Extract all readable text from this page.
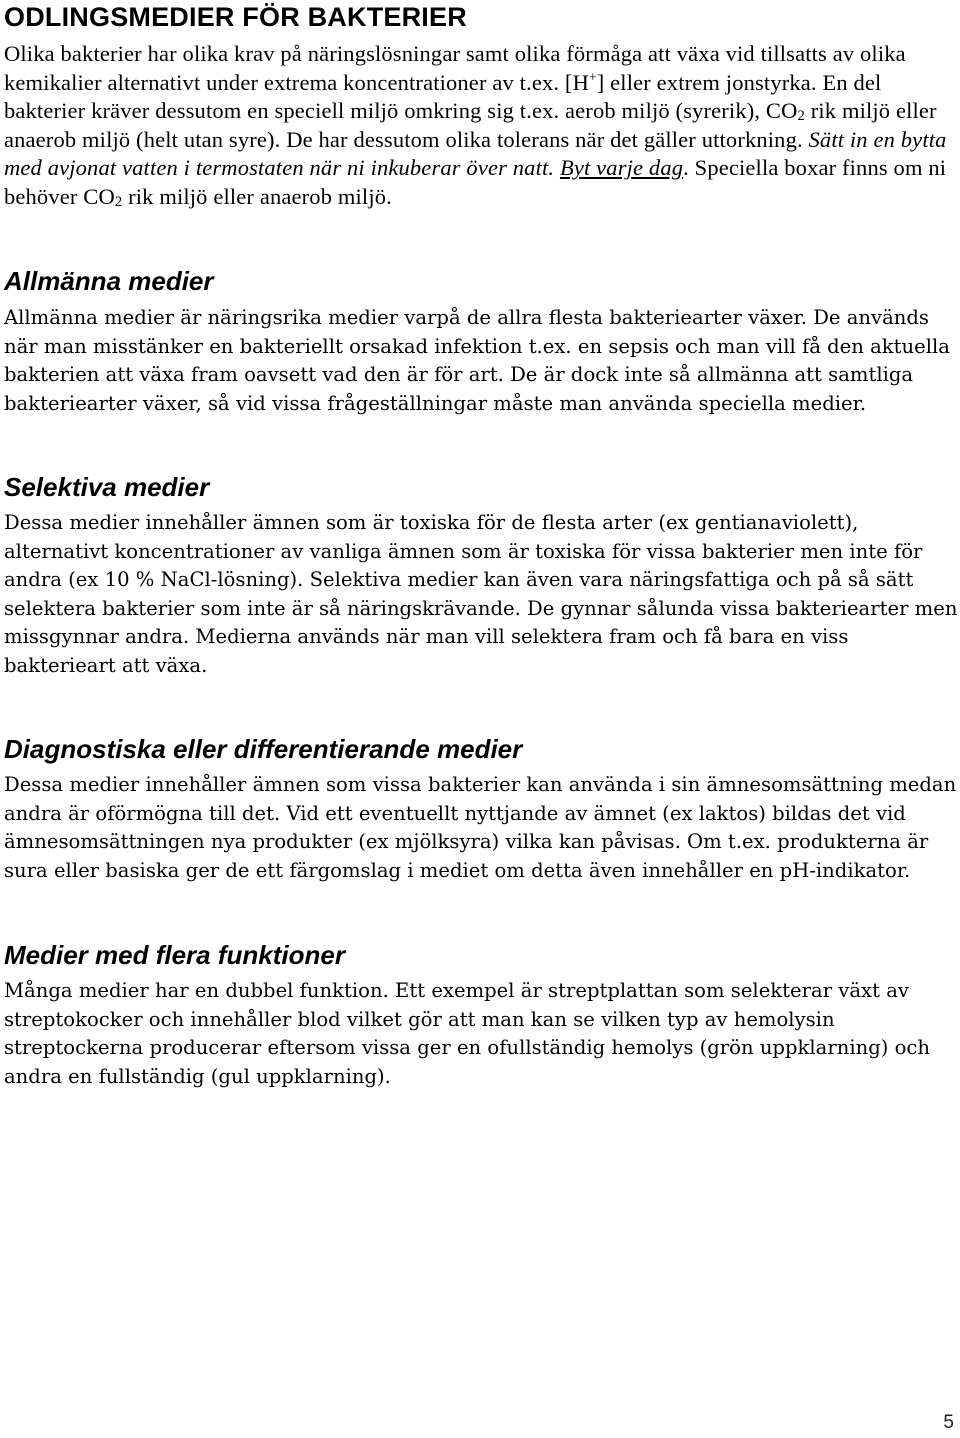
ODLINGSMEDIER FÖR BAKTERIER

Olika bakterier har olika krav på näringslösningar samt olika förmåga att växa vid tillsatts av olika kemikalier alternativt under extrema koncentrationer av t.ex. [H+] eller extrem jonstyrka. En del bakterier kräver dessutom en speciell miljö omkring sig t.ex. aerob miljö (syrerik), $CO_2$ rik miljö eller anaerob miljö (helt utan syre). De har dessutom olika tolerans när det gäller uttorkning. Sätt in en bytta med avjonat vatten i termostaten när ni inkuberar över natt. Byt varje dag. Speciella boxar finns om ni behöver $CO_2$ rik miljö eller anaerob miljö.

Allmänna medier

Allmänna medier är näringsrika medier varpå de allra flesta bakteriearter växer. De används när man misstänker en bakteriellt orsakad infektion t.ex. en sepsis och man vill få den aktuella bakterien att växa fram oavsett vad den är för art. De är dock inte så allmänna att samtliga bakteriearter växer, så vid vissa frågeställningar måste man använda speciella medier.

Selektiva medier

Dessa medier innehåller ämnen som är toxiska för de flesta arter (ex gentianaviolett), alternativt koncentrationer av vanliga ämnen som är toxiska för vissa bakterier men inte för andra (ex 10 % NaCl-lösning). Selektiva medier kan även vara näringsfattiga och på så sätt selektera bakterier som inte är så näringskrävande. De gynnar sålunda vissa bakteriearter men missgynnar andra. Medierna används när man vill selektera fram och få bara en viss bakterieart att växa.

Diagnostiska eller differentierande medier

Dessa medier innehåller ämnen som vissa bakterier kan använda i sin ämnesomsättning medan andra är oförmögna till det. Vid ett eventuellt nyttjande av ämnet (ex laktos) bildas det vid ämnesomsättningen nya produkter (ex mjölksyra) vilka kan påvisas. Om t.ex. produkterna är sura eller basiska ger de ett färgomslag i mediet om detta även innehåller en pH-indikator.

Medier med flera funktioner

Många medier har en dubbel funktion. Ett exempel är streptplattan som selekterar växt av streptokocker och innehåller blod vilket gör att man kan se vilken typ av hemolysin streptockerna producerar eftersom vissa ger en ofullständig hemolys (grön uppklarning) och andra en fullständig (gul uppklarning).

5
